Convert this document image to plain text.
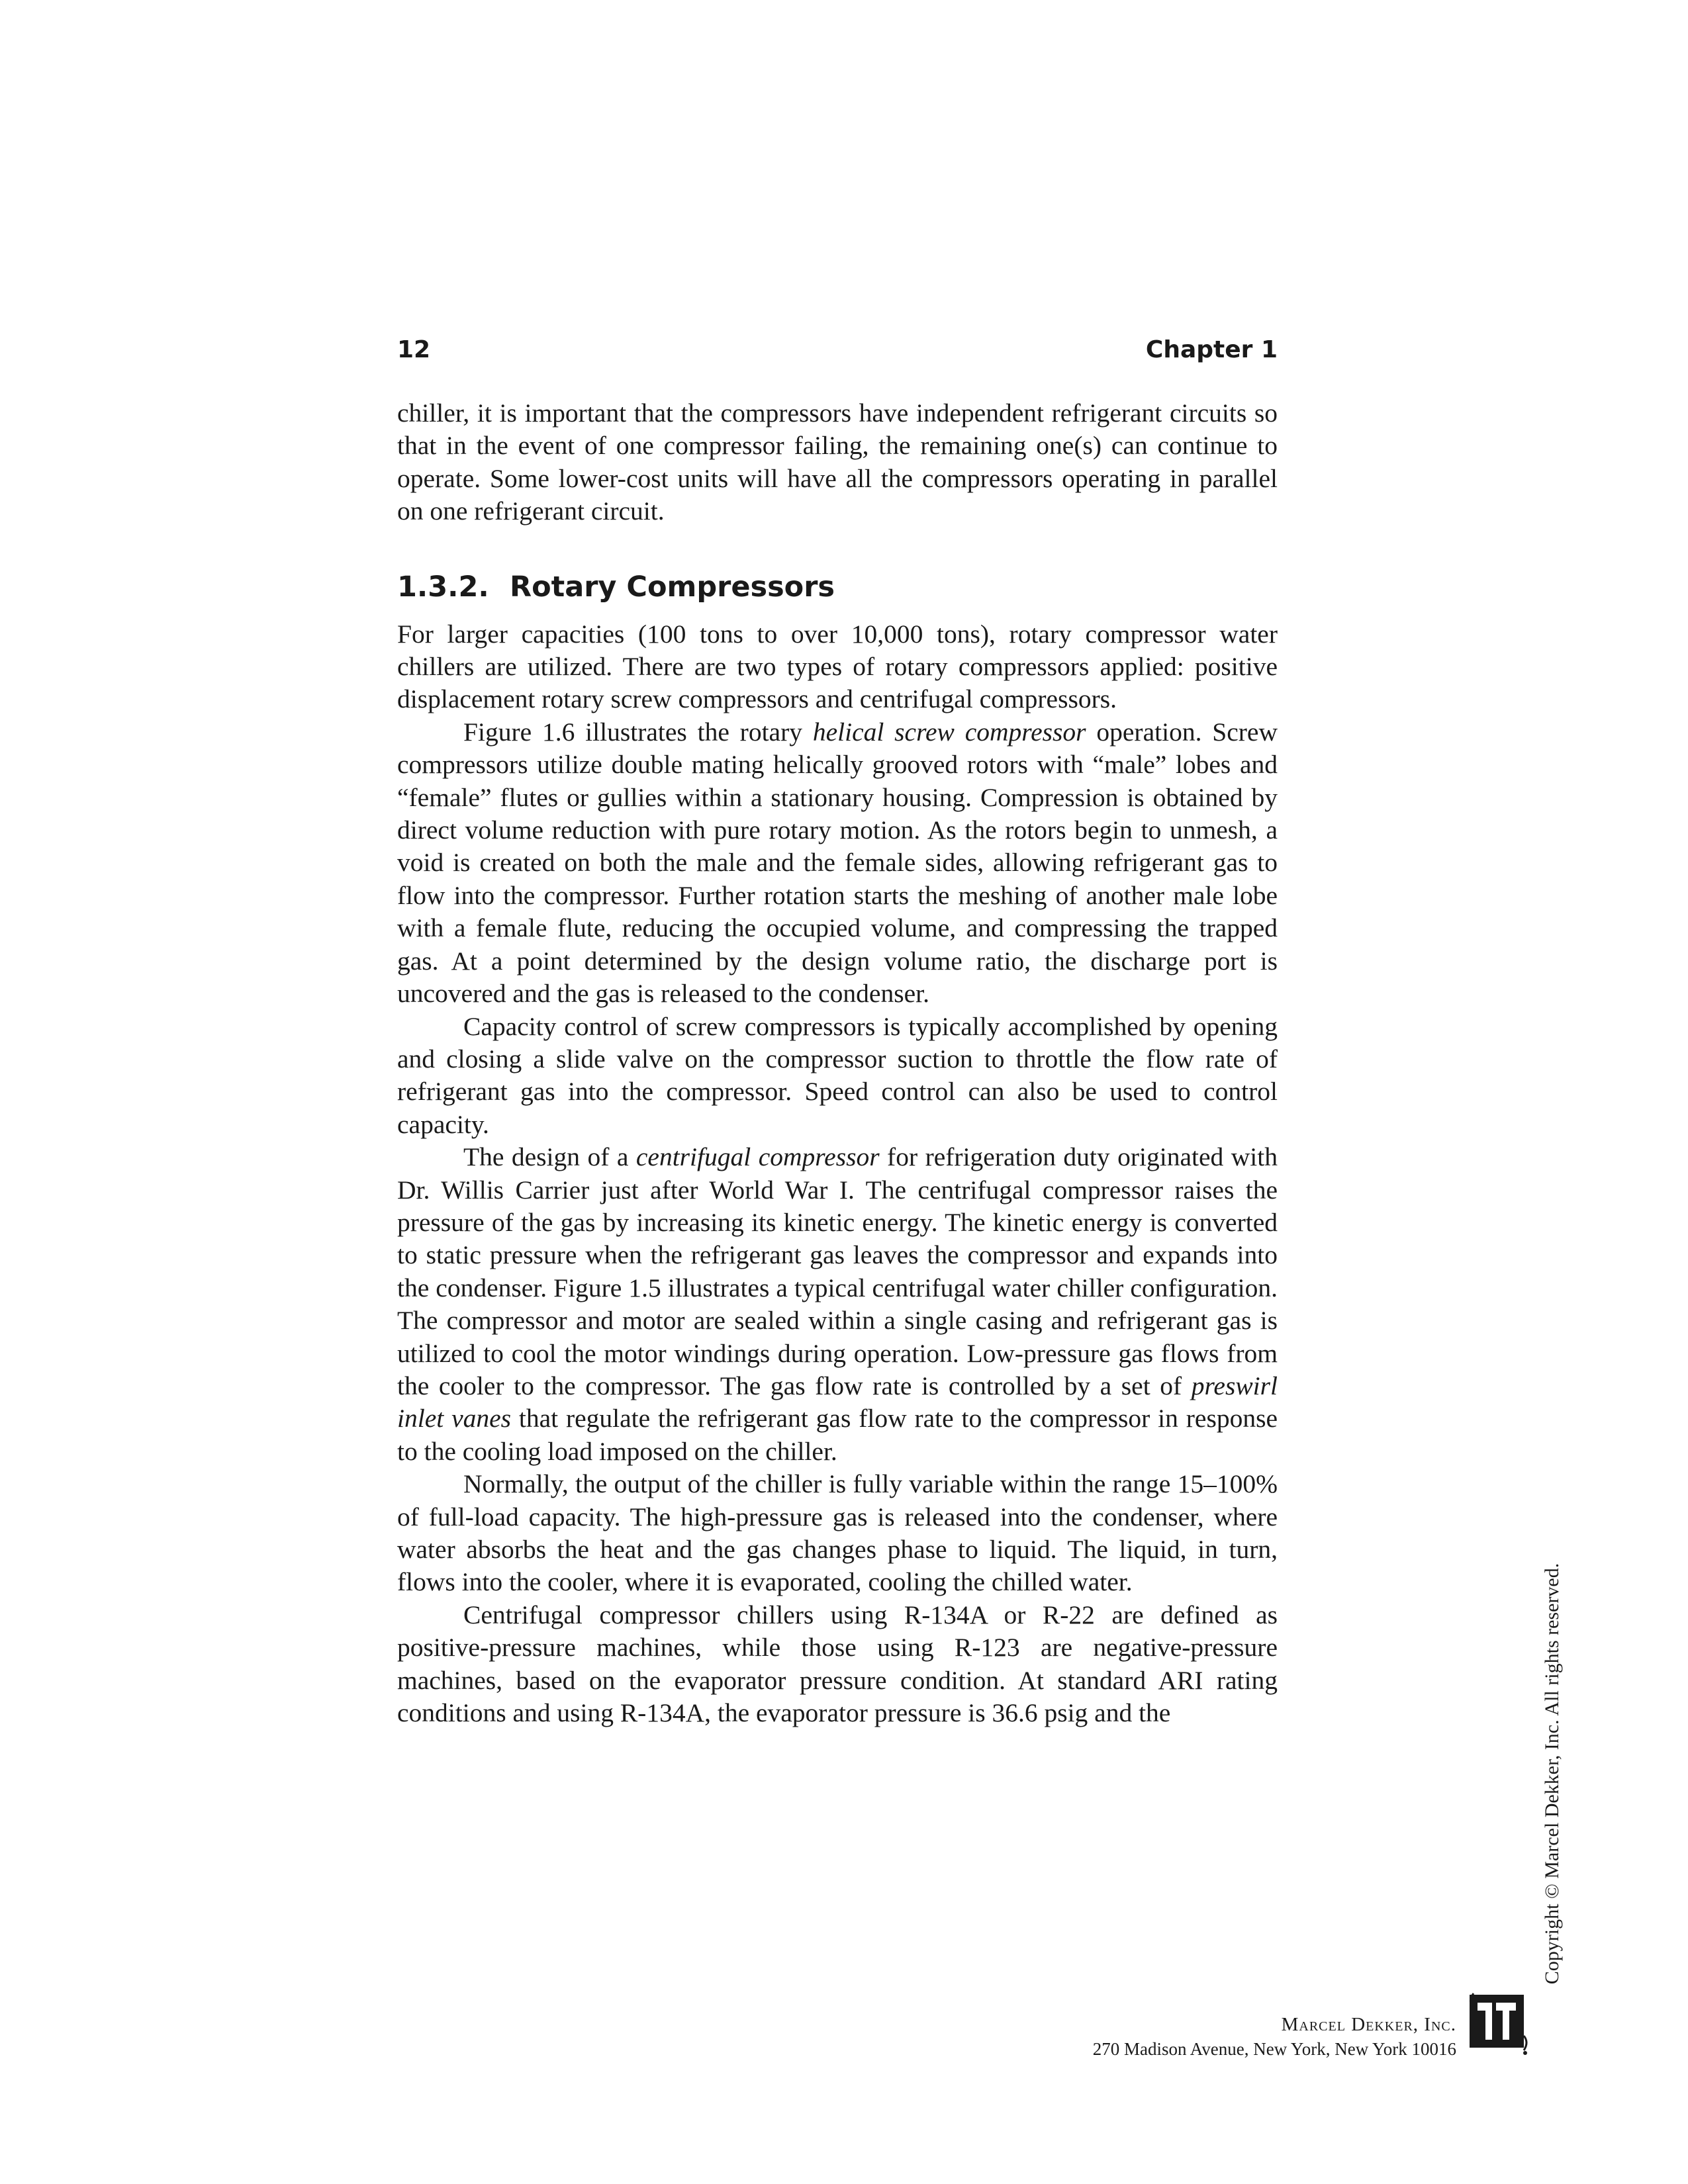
12	Chapter 1

chiller, it is important that the compressors have independent refrigerant circuits so that in the event of one compressor failing, the remaining one(s) can continue to operate. Some lower-cost units will have all the compressors operating in parallel on one refrigerant circuit.

1.3.2. Rotary Compressors

For larger capacities (100 tons to over 10,000 tons), rotary compressor water chillers are utilized. There are two types of rotary compressors applied: positive displacement rotary screw compressors and centrifugal compressors.

Figure 1.6 illustrates the rotary helical screw compressor operation. Screw compressors utilize double mating helically grooved rotors with “male” lobes and “female” flutes or gullies within a stationary housing. Compression is obtained by direct volume reduction with pure rotary motion. As the rotors begin to unmesh, a void is created on both the male and the female sides, allowing refrigerant gas to flow into the compressor. Further rotation starts the meshing of another male lobe with a female flute, reducing the occupied volume, and compressing the trapped gas. At a point determined by the design volume ratio, the discharge port is uncovered and the gas is released to the condenser.

Capacity control of screw compressors is typically accomplished by opening and closing a slide valve on the compressor suction to throttle the flow rate of refrigerant gas into the compressor. Speed control can also be used to control capacity.

The design of a centrifugal compressor for refrigeration duty originated with Dr. Willis Carrier just after World War I. The centrifugal compressor raises the pressure of the gas by increasing its kinetic energy. The kinetic energy is converted to static pressure when the refrigerant gas leaves the compressor and expands into the condenser. Figure 1.5 illustrates a typical centrifugal water chiller configuration. The compressor and motor are sealed within a single casing and refrigerant gas is utilized to cool the motor windings during operation. Low-pressure gas flows from the cooler to the compressor. The gas flow rate is controlled by a set of preswirl inlet vanes that regulate the refrigerant gas flow rate to the compressor in response to the cooling load imposed on the chiller.

Normally, the output of the chiller is fully variable within the range 15–100% of full-load capacity. The high-pressure gas is released into the condenser, where water absorbs the heat and the gas changes phase to liquid. The liquid, in turn, flows into the cooler, where it is evaporated, cooling the chilled water.

Centrifugal compressor chillers using R-134A or R-22 are defined as positive-pressure machines, while those using R-123 are negative-pressure machines, based on the evaporator pressure condition. At standard ARI rating conditions and using R-134A, the evaporator pressure is 36.6 psig and the	Copyright © Marcel Dekker, Inc. All rights reserved.
Marcel Dekker, Inc.
270 Madison Avenue, New York, New York 10016
